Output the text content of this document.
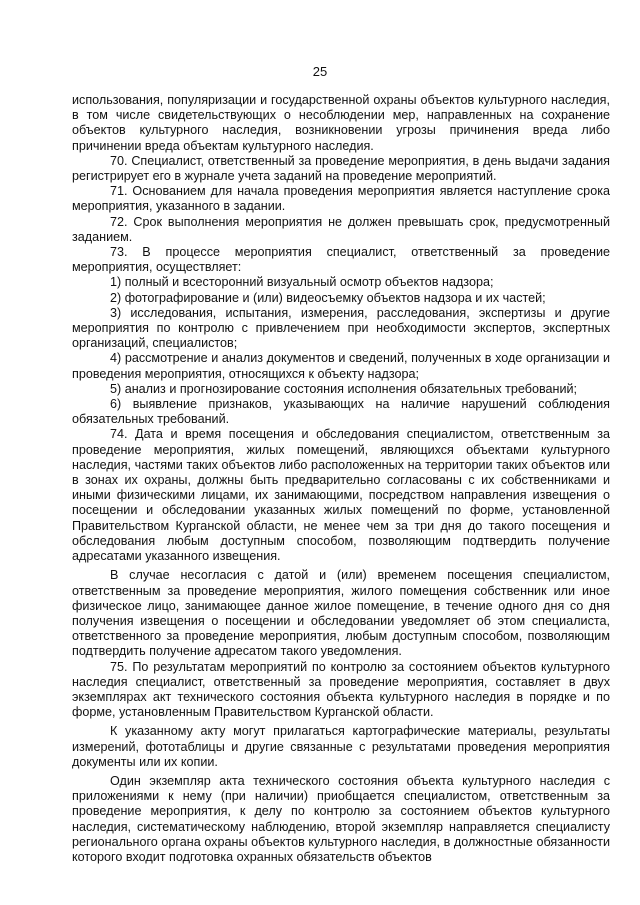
25

использования, популяризации и государственной охраны объектов культурного наследия, в том числе свидетельствующих о несоблюдении мер, направленных на сохранение объектов культурного наследия, возникновении угрозы причинения вреда либо причинении вреда объектам культурного наследия.

70. Специалист, ответственный за проведение мероприятия, в день выдачи задания регистрирует его в журнале учета заданий на проведение мероприятий.

71. Основанием для начала проведения мероприятия является наступление срока мероприятия, указанного в задании.

72. Срок выполнения мероприятия не должен превышать срок, предусмотренный заданием.

73. В процессе мероприятия специалист, ответственный за проведение мероприятия, осуществляет:

1) полный и всесторонний визуальный осмотр объектов надзора;

2) фотографирование и (или) видеосъемку объектов надзора и их частей;

3) исследования, испытания, измерения, расследования, экспертизы и другие мероприятия по контролю с привлечением при необходимости экспертов, экспертных организаций, специалистов;

4) рассмотрение и анализ документов и сведений, полученных в ходе организации и проведения мероприятия, относящихся к объекту надзора;

5) анализ и прогнозирование состояния исполнения обязательных требований;

6) выявление признаков, указывающих на наличие нарушений соблюдения обязательных требований.

74. Дата и время посещения и обследования специалистом, ответственным за проведение мероприятия, жилых помещений, являющихся объектами культурного наследия, частями таких объектов либо расположенных на территории таких объектов или в зонах их охраны, должны быть предварительно согласованы с их собственниками и иными физическими лицами, их занимающими, посредством направления извещения о посещении и обследовании указанных жилых помещений по форме, установленной Правительством Курганской области, не менее чем за три дня до такого посещения и обследования любым доступным способом, позволяющим подтвердить получение адресатами указанного извещения.

В случае несогласия с датой и (или) временем посещения специалистом, ответственным за проведение мероприятия, жилого помещения собственник или иное физическое лицо, занимающее данное жилое помещение, в течение одного дня со дня получения извещения о посещении и обследовании уведомляет об этом специалиста, ответственного за проведение мероприятия, любым доступным способом, позволяющим подтвердить получение адресатом такого уведомления.

75. По результатам мероприятий по контролю за состоянием объектов культурного наследия специалист, ответственный за проведение мероприятия, составляет в двух экземплярах акт технического состояния объекта культурного наследия в порядке и по форме, установленным Правительством Курганской области.

К указанному акту могут прилагаться картографические материалы, результаты измерений, фототаблицы и другие связанные с результатами проведения мероприятия документы или их копии.

Один экземпляр акта технического состояния объекта культурного наследия с приложениями к нему (при наличии) приобщается специалистом, ответственным за проведение мероприятия, к делу по контролю за состоянием объектов культурного наследия, систематическому наблюдению, второй экземпляр направляется специалисту регионального органа охраны объектов культурного наследия, в должностные обязанности которого входит подготовка охранных обязательств объектов
